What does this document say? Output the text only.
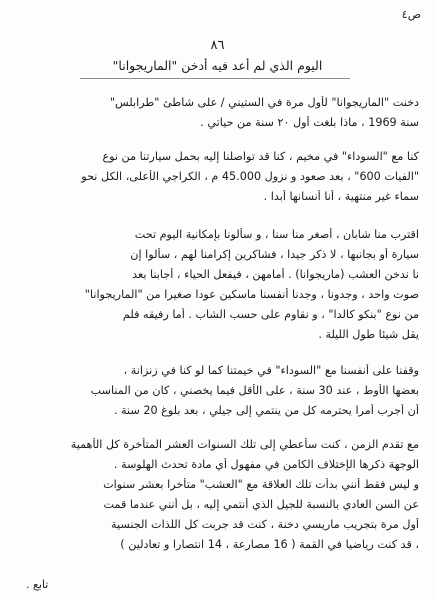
ص٤
٨٦
اليوم الذي لم أعد فيه أدخن "الماريجوانا"
دخنت "الماريجوانا" لأول مرة في الستيني / على شاطئ "طرابلس"
سنة 1969 ، ماذا بلغت أول ٢٠ سنة من حياتي .
كنا مع "السوداء" في مخيم ، كنا قد تواصلنا إليه بحمل سيارتنا من نوع
"الفيات 600" ، بعد صعود و نزول 45.000 م ، الكراجي الأعلى، الكل نحو
سماء غير منتهية ، أنا أنسانها أبدا .
اقترب منا شابان ، أصغر منا سنا ، و سألونا بإمكانية اليوم تحت
سيارة أو بجانبها ، لا ذكر جيدا ، فشاكرين إكرامنا لهم ، سألوا إن
نا ندخن العشب (ماريجوانا) . أمامهن ، فيفعل الحياء ، أجابنا بعد
صوت واحد ، وجدونا ، وجدنا أنفسنا ماسكين عودا صغيرا من "الماريجوانا"
من نوع "بنكو كالدا" ، و نقاوم على حسب الشاب . أما رفيقه فلم
يقل شيئا طول الليلة .
وقفنا على أنفسنا مع "السوداء" في خيمتنا كما لو كنا في زنزانة ،
بعضها الأوط ، عند 30 سنة ، على الأقل فيما يخصني ، كان من المناسب
أن أجرب أمرا يحترمه كل من ينتمي إلى جيلي ، بعد بلوغ 20 سنة .
مع تقدم الزمن ، كنت سأعطي إلى تلك السنوات العشر المتأخرة كل الأهمية
الوجهة ذكرها الإختلاف الكامن في مفهول أي مادة تحدث الهلوسة .
و ليس فقط أنني بدأت تلك العلاقة مع "العشب" متأخرا بعشر سنوات
عن السن العادي بالنسبة للجيل الذي أنتمي إليه ، بل أنني عندما قمت
أول مرة بتجريب ماريسي دخنة ، كنت قد جربت كل اللذات الجنسية
، قد كنت رياضيا في القمة ( 16 مصارعة ، 14 انتصارا و تعادلين )
تابع .
